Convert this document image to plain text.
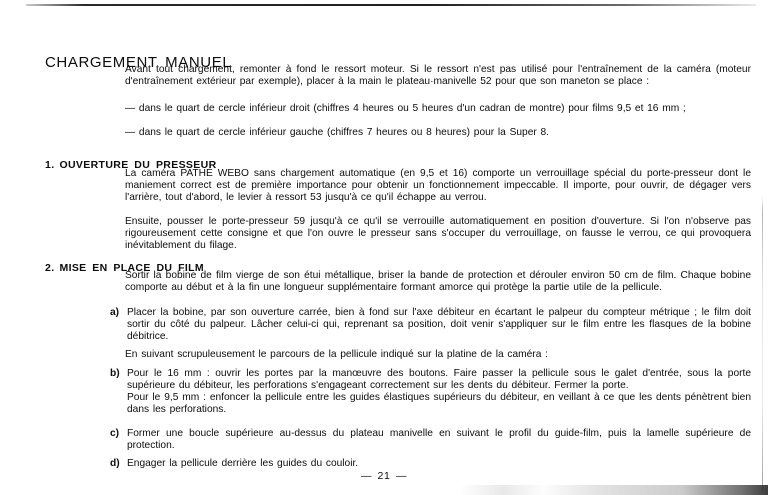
CHARGEMENT MANUEL

Avant tout chargement, remonter à fond le ressort moteur. Si le ressort n'est pas utilisé pour l'entraînement de la caméra (moteur d'entraînement extérieur par exemple), placer à la main le plateau·manivelle 52 pour que son maneton se place :

— dans le quart de cercle inférieur droit (chiffres 4 heures ou 5 heures d'un cadran de montre) pour films 9,5 et 16 mm ;

— dans le quart de cercle inférieur gauche (chiffres 7 heures ou 8 heures) pour la Super 8.

1. OUVERTURE DU PRESSEUR

La caméra PATHÉ WEBO sans chargement automatique (en 9,5 et 16) comporte un verrouillage spécial du porte-presseur dont le maniement correct est de première importance pour obtenir un fonctionnement impeccable. Il importe, pour ouvrir, de dégager vers l'arrière, tout d'abord, le levier à ressort 53 jusqu'à ce qu'il échappe au verrou.

Ensuite, pousser le porte-presseur 59 jusqu'à ce qu'il se verrouille automatiquement en position d'ouverture. Si l'on n'observe pas rigoureusement cette consigne et que l'on ouvre le presseur sans s'occuper du verrouillage, on fausse le verrou, ce qui provoquera inévitablement du filage.

2. MISE EN PLACE DU FILM

Sortir la bobine de film vierge de son étui métallique, briser la bande de protection et dérouler environ 50 cm de film. Chaque bobine comporte au début et à la fin une longueur supplémentaire formant amorce qui protège la partie utile de la pellicule.

a) Placer la bobine, par son ouverture carrée, bien à fond sur l'axe débiteur en écartant le palpeur du compteur métrique ; le film doit sortir du côté du palpeur. Lâcher celui-ci qui, reprenant sa position, doit venir s'appliquer sur le film entre les flasques de la bobine débitrice.

En suivant scrupuleusement le parcours de la pellicule indiqué sur la platine de la caméra :

b) Pour le 16 mm : ouvrir les portes par la manœuvre des boutons. Faire passer la pellicule sous le galet d'entrée, sous la porte supérieure du débiteur, les perforations s'engageant correctement sur les dents du débiteur. Fermer la porte.

Pour le 9,5 mm : enfoncer la pellicule entre les guides élastiques supérieurs du débiteur, en veillant à ce que les dents pénètrent bien dans les perforations.

c) Former une boucle supérieure au-dessus du plateau manivelle en suivant le profil du guide-film, puis la lamelle supérieure de protection.

d) Engager la pellicule derrière les guides du couloir.

— 21 —
